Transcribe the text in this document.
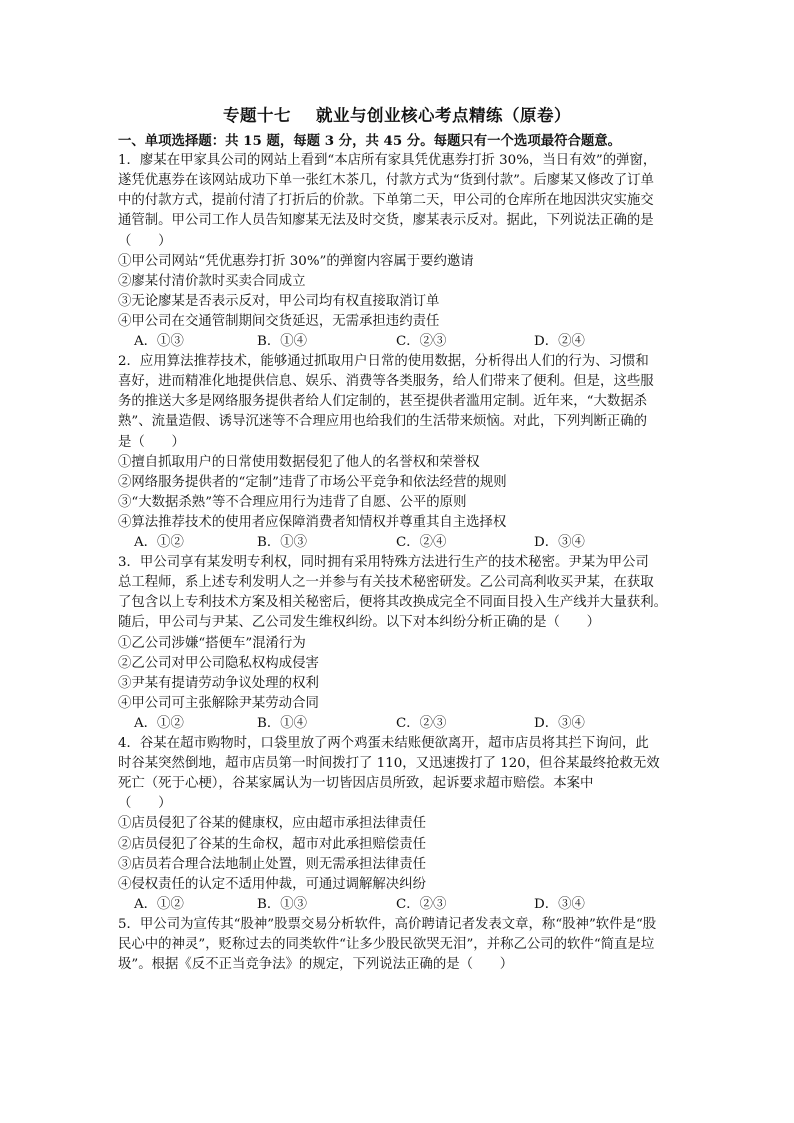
专题十七    就业与创业核心考点精练（原卷）
一、单项选择题：共 15 题，每题 3 分，共 45 分。每题只有一个选项最符合题意。
1．廖某在甲家具公司的网站上看到“本店所有家具凭优惠券打折 30%，当日有效”的弹窗，
遂凭优惠券在该网站成功下单一张红木茶几，付款方式为“货到付款”。后廖某又修改了订单
中的付款方式，提前付清了打折后的价款。下单第二天，甲公司的仓库所在地因洪灾实施交
通管制。甲公司工作人员告知廖某无法及时交货，廖某表示反对。据此，下列说法正确的是
（　　）
①甲公司网站“凭优惠券打折 30%”的弹窗内容属于要约邀请
②廖某付清价款时买卖合同成立
③无论廖某是否表示反对，甲公司均有权直接取消订单
④甲公司在交通管制期间交货延迟，无需承担违约责任
A．①③	B．①④	C．②③	D．②④
2．应用算法推荐技术，能够通过抓取用户日常的使用数据，分析得出人们的行为、习惯和
喜好，进而精准化地提供信息、娱乐、消费等各类服务，给人们带来了便利。但是，这些服
务的推送大多是网络服务提供者给人们定制的，甚至提供者滥用定制。近年来，“大数据杀
熟”、流量造假、诱导沉迷等不合理应用也给我们的生活带来烦恼。对此，下列判断正确的
是（　　）
①擅自抓取用户的日常使用数据侵犯了他人的名誉权和荣誉权
②网络服务提供者的“定制”违背了市场公平竞争和依法经营的规则
③“大数据杀熟”等不合理应用行为违背了自愿、公平的原则
④算法推荐技术的使用者应保障消费者知情权并尊重其自主选择权
A．①②	B．①③	C．②④	D．③④
3．甲公司享有某发明专利权，同时拥有采用特殊方法进行生产的技术秘密。尹某为甲公司
总工程师，系上述专利发明人之一并参与有关技术秘密研发。乙公司高利收买尹某，在获取
了包含以上专利技术方案及相关秘密后，便将其改换成完全不同面目投入生产线并大量获利。
随后，甲公司与尹某、乙公司发生维权纠纷。以下对本纠纷分析正确的是（　　）
①乙公司涉嫌“搭便车”混淆行为
②乙公司对甲公司隐私权构成侵害
③尹某有提请劳动争议处理的权利
④甲公司可主张解除尹某劳动合同
A．①②	B．①④	C．②③	D．③④
4．谷某在超市购物时，口袋里放了两个鸡蛋未结账便欲离开，超市店员将其拦下询问，此
时谷某突然倒地，超市店员第一时间拨打了 110，又迅速拨打了 120，但谷某最终抢救无效
死亡（死于心梗），谷某家属认为一切皆因店员所致，起诉要求超市赔偿。本案中
（　　）
①店员侵犯了谷某的健康权，应由超市承担法律责任
②店员侵犯了谷某的生命权，超市对此承担赔偿责任
③店员若合理合法地制止处置，则无需承担法律责任
④侵权责任的认定不适用仲裁，可通过调解解决纠纷
A．①②	B．①③	C．②③	D．③④
5．甲公司为宣传其“股神”股票交易分析软件，高价聘请记者发表文章，称“股神”软件是“股
民心中的神灵”，贬称过去的同类软件“让多少股民欲哭无泪”，并称乙公司的软件“简直是垃
圾”。根据《反不正当竞争法》的规定，下列说法正确的是（　　）
